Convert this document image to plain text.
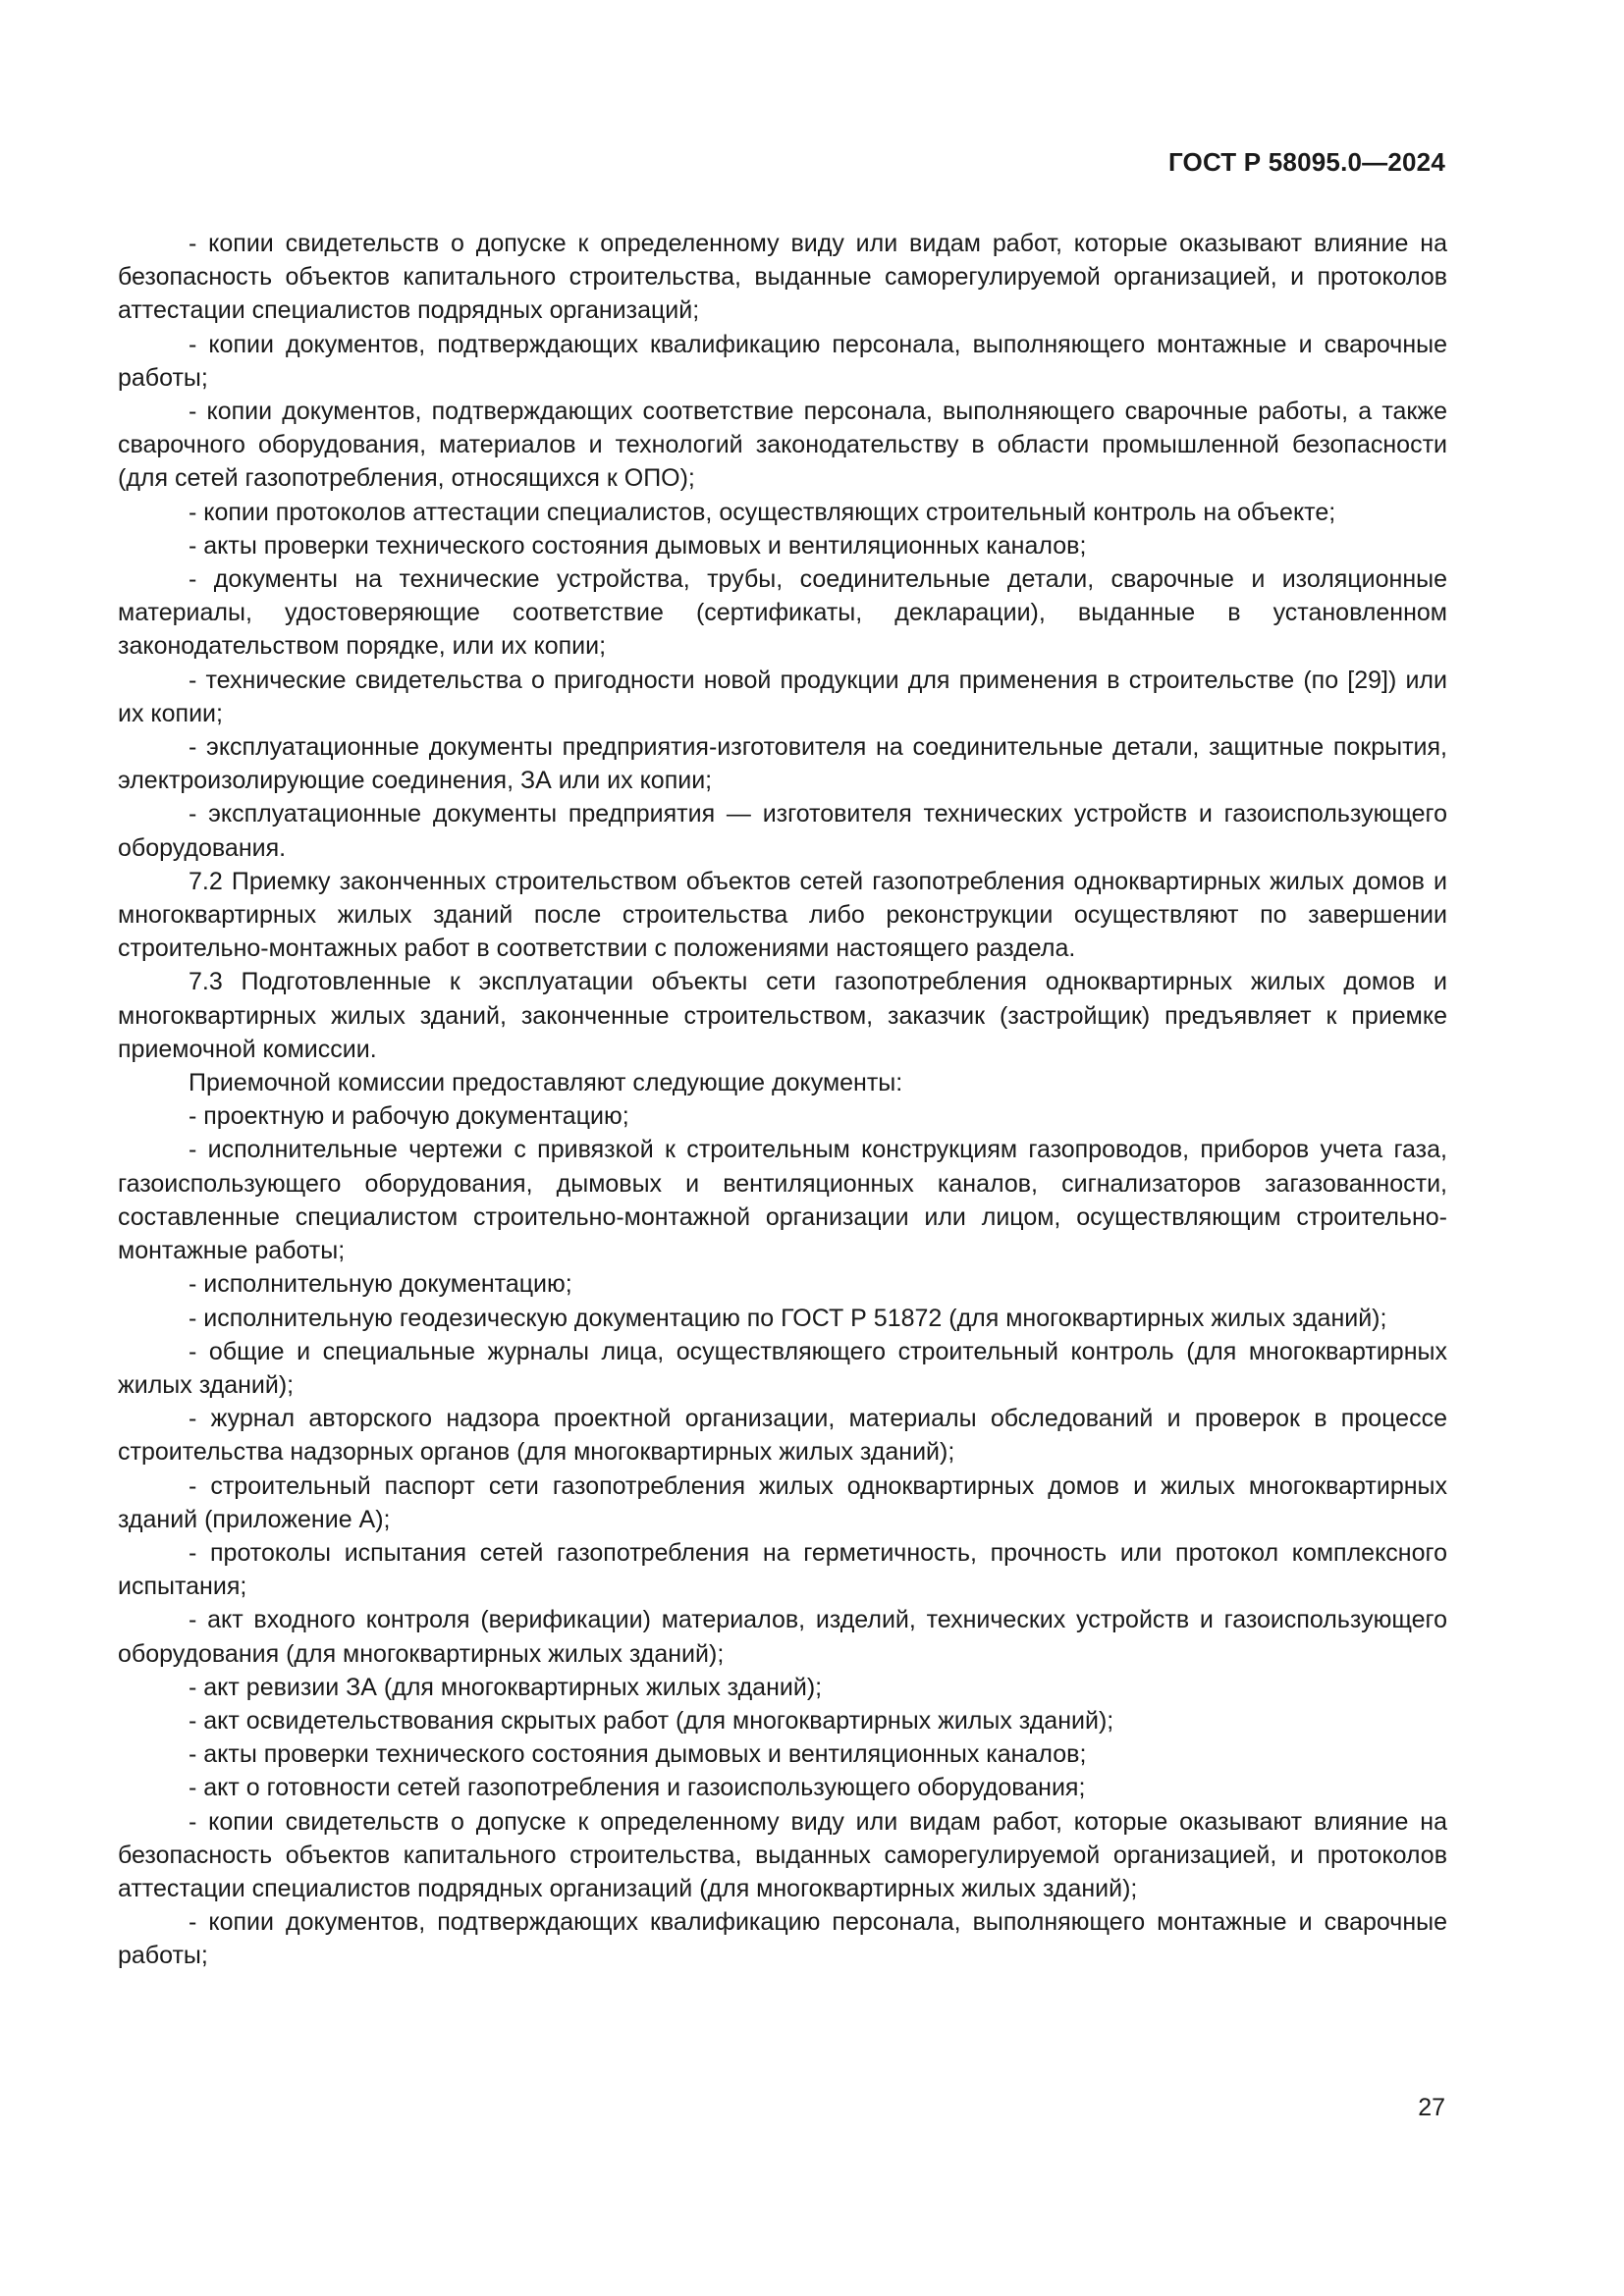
ГОСТ Р 58095.0—2024

- копии свидетельств о допуске к определенному виду или видам работ, которые оказывают влияние на безопасность объектов капитального строительства, выданные саморегулируемой организацией, и протоколов аттестации специалистов подрядных организаций;

- копии документов, подтверждающих квалификацию персонала, выполняющего монтажные и сварочные работы;

- копии документов, подтверждающих соответствие персонала, выполняющего сварочные работы, а также сварочного оборудования, материалов и технологий законодательству в области промышленной безопасности (для сетей газопотребления, относящихся к ОПО);

- копии протоколов аттестации специалистов, осуществляющих строительный контроль на объекте;

- акты проверки технического состояния дымовых и вентиляционных каналов;

- документы на технические устройства, трубы, соединительные детали, сварочные и изоляционные материалы, удостоверяющие соответствие (сертификаты, декларации), выданные в установленном законодательством порядке, или их копии;

- технические свидетельства о пригодности новой продукции для применения в строительстве (по [29]) или их копии;

- эксплуатационные документы предприятия-изготовителя на соединительные детали, защитные покрытия, электроизолирующие соединения, ЗА или их копии;

- эксплуатационные документы предприятия — изготовителя технических устройств и газоиспользующего оборудования.

7.2 Приемку законченных строительством объектов сетей газопотребления одноквартирных жилых домов и многоквартирных жилых зданий после строительства либо реконструкции осуществляют по завершении строительно-монтажных работ в соответствии с положениями настоящего раздела.

7.3 Подготовленные к эксплуатации объекты сети газопотребления одноквартирных жилых домов и многоквартирных жилых зданий, законченные строительством, заказчик (застройщик) предъявляет к приемке приемочной комиссии.

Приемочной комиссии предоставляют следующие документы:

- проектную и рабочую документацию;

- исполнительные чертежи с привязкой к строительным конструкциям газопроводов, приборов учета газа, газоиспользующего оборудования, дымовых и вентиляционных каналов, сигнализаторов загазованности, составленные специалистом строительно-монтажной организации или лицом, осуществляющим строительно-монтажные работы;

- исполнительную документацию;

- исполнительную геодезическую документацию по ГОСТ Р 51872 (для многоквартирных жилых зданий);

- общие и специальные журналы лица, осуществляющего строительный контроль (для многоквартирных жилых зданий);

- журнал авторского надзора проектной организации, материалы обследований и проверок в процессе строительства надзорных органов (для многоквартирных жилых зданий);

- строительный паспорт сети газопотребления жилых одноквартирных домов и жилых многоквартирных зданий (приложение А);

- протоколы испытания сетей газопотребления на герметичность, прочность или протокол комплексного испытания;

- акт входного контроля (верификации) материалов, изделий, технических устройств и газоиспользующего оборудования (для многоквартирных жилых зданий);

- акт ревизии ЗА (для многоквартирных жилых зданий);

- акт освидетельствования скрытых работ (для многоквартирных жилых зданий);

- акты проверки технического состояния дымовых и вентиляционных каналов;

- акт о готовности сетей газопотребления и газоиспользующего оборудования;

- копии свидетельств о допуске к определенному виду или видам работ, которые оказывают влияние на безопасность объектов капитального строительства, выданных саморегулируемой организацией, и протоколов аттестации специалистов подрядных организаций (для многоквартирных жилых зданий);

- копии документов, подтверждающих квалификацию персонала, выполняющего монтажные и сварочные работы;

27
